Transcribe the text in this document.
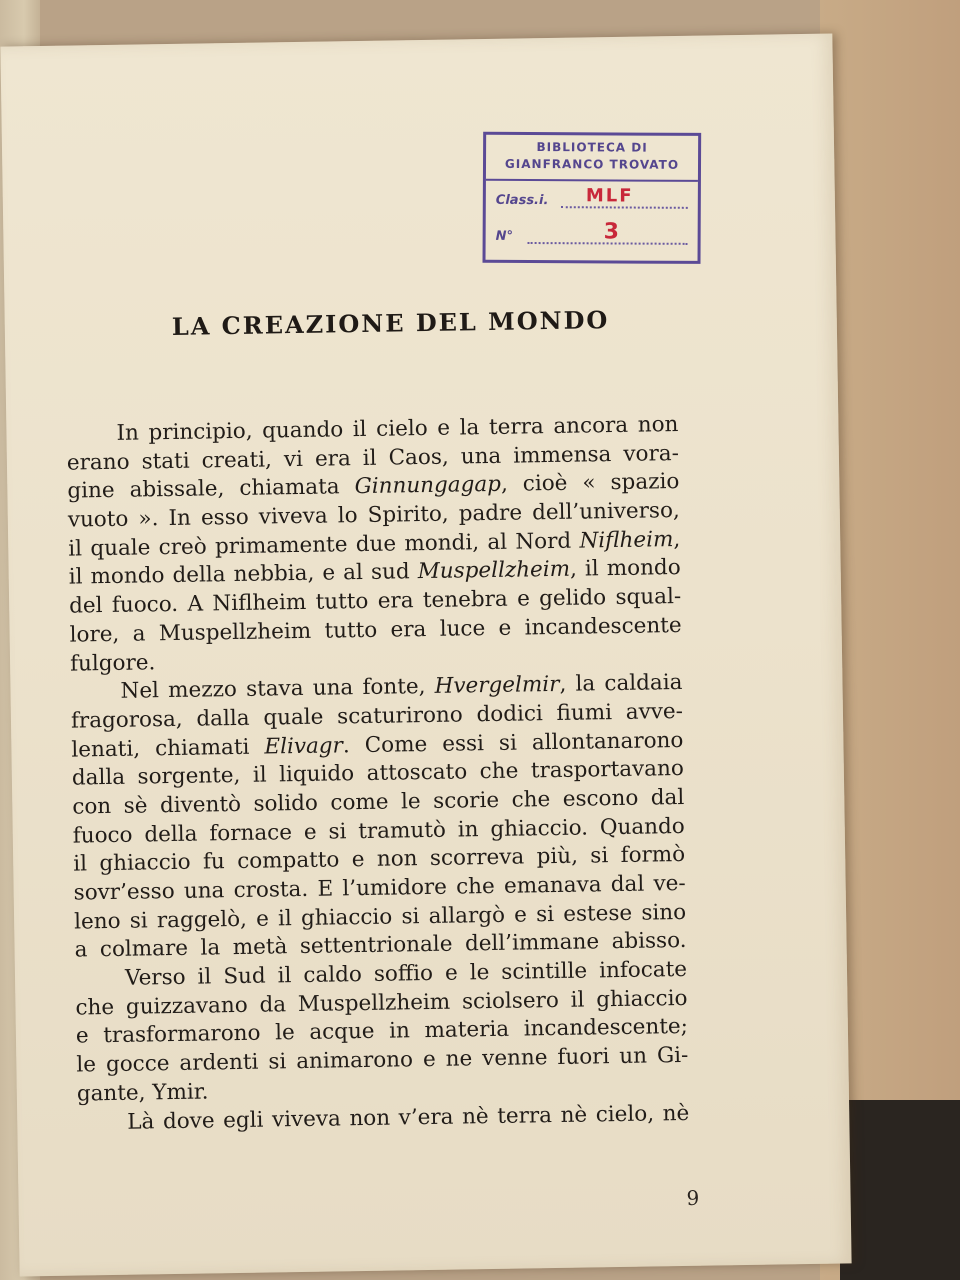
BIBLIOTECA DI
GIANFRANCO TROVATO
Class.i. MLF
N°	3
LA CREAZIONE DEL MONDO
In principio, quando il cielo e la terra ancora non
erano stati creati, vi era il Caos, una immensa vora-
gine abissale, chiamata Ginnungagap, cioè « spazio
vuoto ». In esso viveva lo Spirito, padre dell’universo,
il quale creò primamente due mondi, al Nord Niflheim,
il mondo della nebbia, e al sud Muspellzheim, il mondo
del fuoco. A Niflheim tutto era tenebra e gelido squal-
lore, a Muspellzheim tutto era luce e incandescente
fulgore.
Nel mezzo stava una fonte, Hvergelmir, la caldaia
fragorosa, dalla quale scaturirono dodici fiumi avve-
lenati, chiamati Elivagr. Come essi si allontanarono
dalla sorgente, il liquido attoscato che trasportavano
con sè diventò solido come le scorie che escono dal
fuoco della fornace e si tramutò in ghiaccio. Quando
il ghiaccio fu compatto e non scorreva più, si formò
sovr’esso una crosta. E l’umidore che emanava dal ve-
leno si raggelò, e il ghiaccio si allargò e si estese sino
a colmare la metà settentrionale dell’immane abisso.
Verso il Sud il caldo soffio e le scintille infocate
che guizzavano da Muspellzheim sciolsero il ghiaccio
e trasformarono le acque in materia incandescente;
le gocce ardenti si animarono e ne venne fuori un Gi-
gante, Ymir.
Là dove egli viveva non v’era nè terra nè cielo, nè
9
